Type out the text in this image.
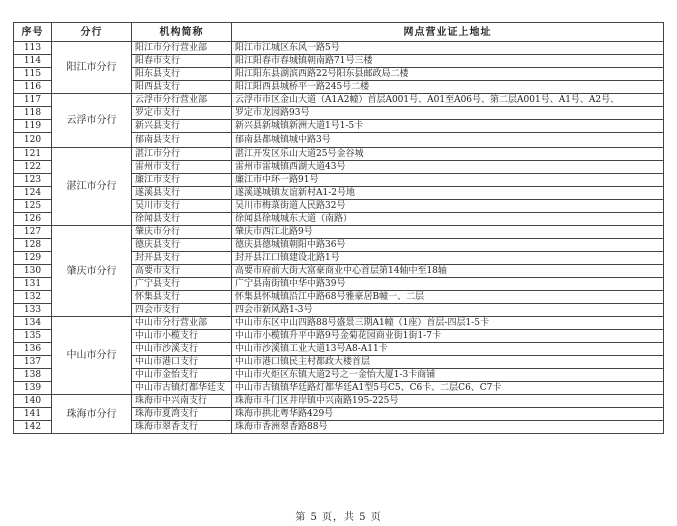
序号	分行	机构简称	网点营业证上地址
113	阳江市分行	阳江市分行营业部	阳江市江城区东风一路5号
114		阳春市支行	阳江阳春市春城镇朝南路71号三楼
115		阳东县支行	阳江阳东县湖滨西路22号阳东县邮政局二楼
116		阳西县支行	阳江阳西县城桥平一路245号二楼
117	云浮市分行	云浮市分行营业部	云浮市市区金山大道（A1A2幢）首层A001号、A01至A06号、第二层A001号、A1号、A2号、
118		罗定市支行	罗定市龙园路93号
119		新兴县支行	新兴县新城镇新洲大道1号1-5卡
120		郁南县支行	郁南县都城镇城中路3号
121	湛江市分行	湛江市分行	湛江开发区乐山大道25号金谷城
122		雷州市支行	雷州市雷城镇西湖大道43号
123		廉江市支行	廉江市中环一路91号
124		遂溪县支行	遂溪遂城镇友谊新村A1-2号地
125		吴川市支行	吴川市梅菉街道人民路32号
126		徐闻县支行	徐闻县徐城城东大道（南路）
127	肇庆市分行	肇庆市分行	肇庆市西江北路9号
128		德庆县支行	德庆县德城镇朝阳中路36号
129		封开县支行	封开县江口镇建设北路1号
130		高要市支行	高要市府前大街大富豪商业中心首层第14轴中至18轴
131		广宁县支行	广宁县南街镇中华中路39号
132		怀集县支行	怀集县怀城镇沿江中路68号雅豪居B幢一、二层
133		四会市支行	四会市新风路1-3号
134	中山市分行	中山市分行营业部	中山市东区中山四路88号盛景三期A1幢（1座）首层-四层1-5卡
135		中山市小榄支行	中山市小榄镇升平中路9号金菊花园商业街1街1-7卡
136		中山市沙溪支行	中山市沙溪镇工业大道13号A8-A11卡
137		中山市港口支行	中山市港口镇民主村都政大楼首层
138		中山市金怡支行	中山市火炬区东镇大道2号之一金怡大厦1-3卡商铺
139		中山市古镇灯都华廷支	中山市古镇镇华廷路灯都华廷A1型5号C5、C6卡、二层C6、C7卡
140	珠海市分行	珠海市中兴南支行	珠海市斗门区井岸镇中兴南路195-225号
141		珠海市夏湾支行	珠海市拱北粤华路429号
142		珠海市翠香支行	珠海市香洲翠香路88号
第 5 页，共 5 页
